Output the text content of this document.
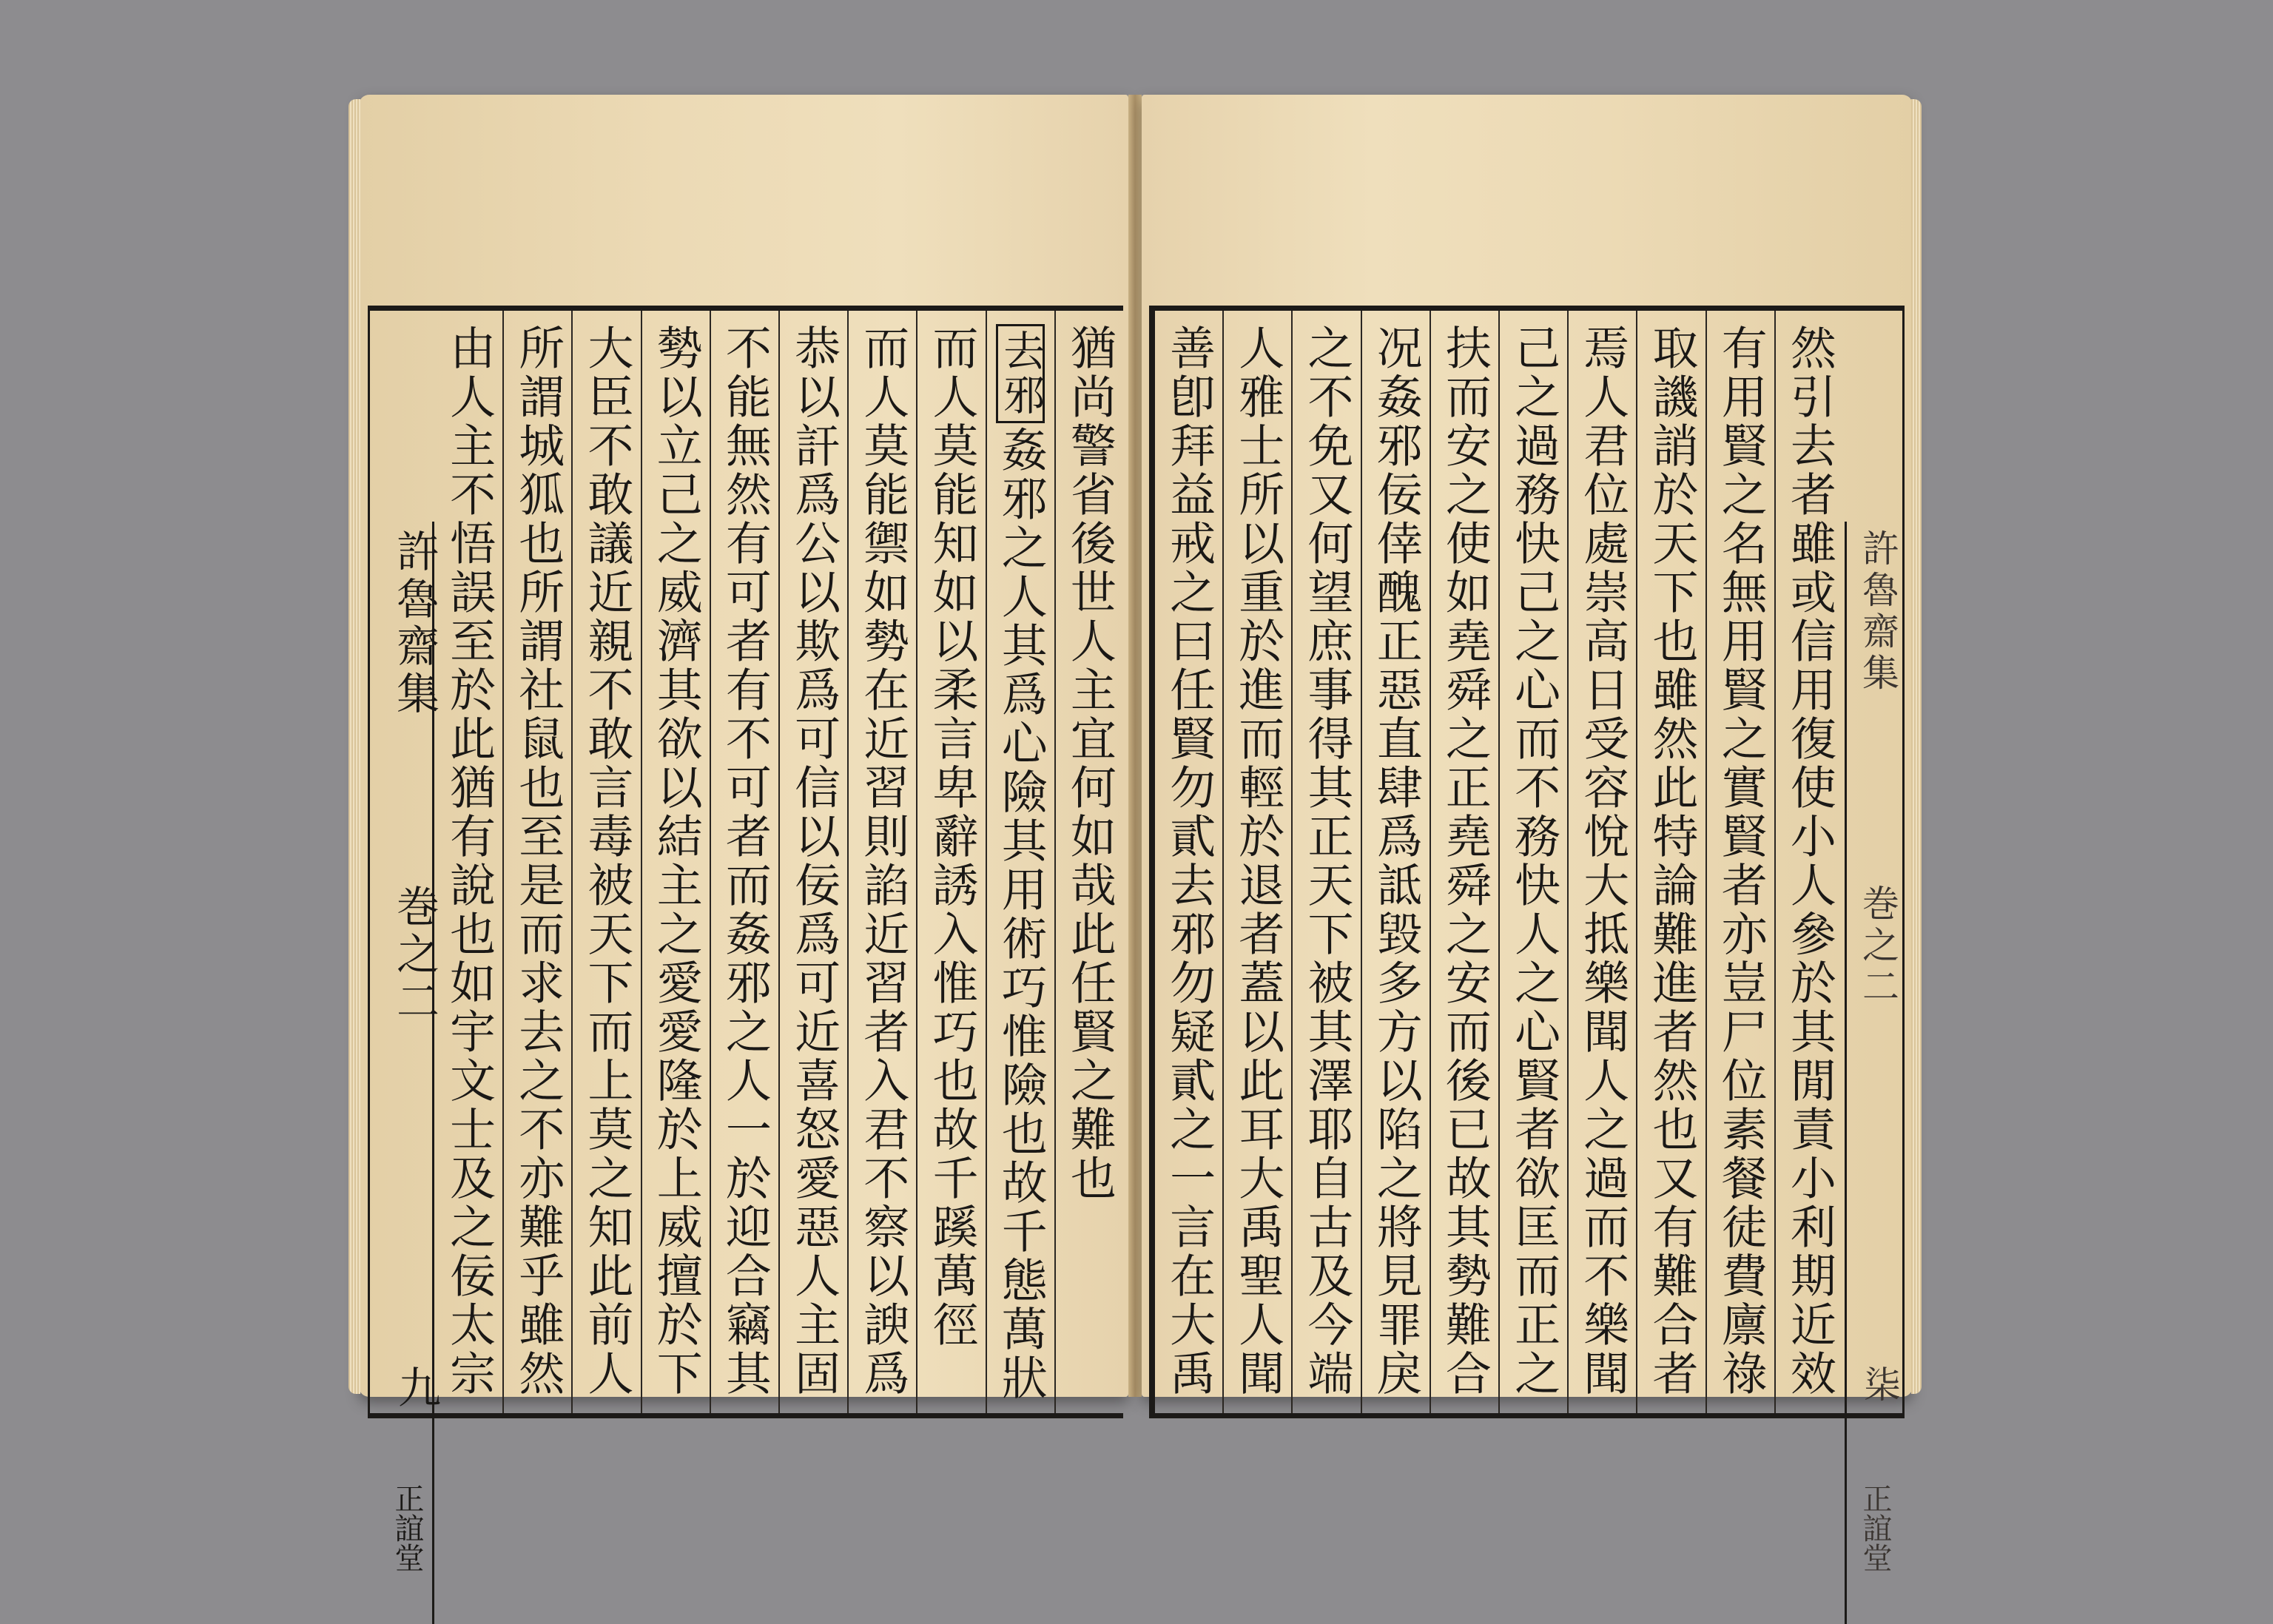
許魯齋集
巻之二
九
正誼堂
猶尚警省後世人主宜何如哉此任賢之難也
去邪姦邪之人其爲心險其用術巧惟險也故千態萬狀
而人莫能知如以柔言卑辭誘入惟巧也故千蹊萬徑
而人莫能禦如勢在近習則諂近習者入君不察以諛爲
恭以訐爲公以欺爲可信以佞爲可近喜怒愛惡人主固
不能無然有可者有不可者而姦邪之人一於迎合竊其
勢以立己之威濟其欲以結主之愛愛隆於上威擅於下
大臣不敢議近親不敢言毒被天下而上莫之知此前人
所謂城狐也所謂社鼠也至是而求去之不亦難乎雖然
由人主不悟誤至於此猶有說也如宇文士及之佞太宗	然引去者雖或信用復使小人參於其閒責小利期近效
有用賢之名無用賢之實賢者亦豈尸位素餐徒費廪祿
取譏誚於天下也雖然此特論難進者然也又有難合者
焉人君位處崇高日受容悅大抵樂聞人之過而不樂聞
己之過務快己之心而不務快人之心賢者欲匡而正之
扶而安之使如堯舜之正堯舜之安而後已故其勢難合
况姦邪佞倖醜正惡直肆爲詆毀多方以陷之將見罪戾
之不免又何望庶事得其正天下被其澤耶自古及今端
人雅士所以重於進而輕於退者蓋以此耳大禹聖人聞
善卽拜益戒之曰任賢勿貳去邪勿疑貳之一言在大禹	許魯齋集
巻之二
柒
正誼堂
